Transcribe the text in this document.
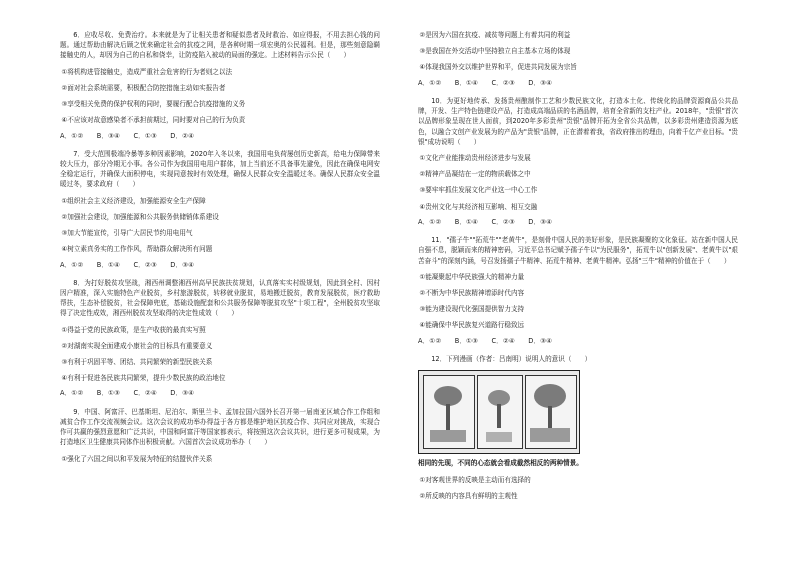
6．应收尽收、免费治疗。本来就是为了让相关患者和疑似患者及时救治、如应得报，不用去担心钱的问题。通过帮助由解决后顾之忧来确定社会的抗疫之网，是各种时期一项宏奥的公民福利。但是，那些刻意隐瞒接触史的人，却因为自己的自私和侥幸，让防疫陷入被动的局面的强定。上述材料告示公民（　　）

①将机构进管接触史，造成严重社会危害的行为者则之以法

②面对社会系统需要，积极配合防控措施主动如实报告者

③享受相关免费的保护权利的同时，要履行配合抗疫措施的义务

④不应该对故意感染者不承担前期过，同时要对自己的行为负责

A．①②　　B．③④　　C．①③　　D．②④

7．受大范围极端冷暴等多种因素影响，2020年入冬以来，我国用电负荷屡创历史新高，给电力保障带来较大压力，部分冷期无小事。各公司作为我国用电用户群体，加上当前还不具备事先避免，因此在确保电网安全稳定运行，并确保大面积停电，实现同意按时有效处理，确保人民群众安全温暖过冬。确保人民群众安全温暖过冬，要求政府（　　）

①组织社会主义经济建设，加强能源安全生产保障

②加强社会建设，加强能源和公共服务供储销体系建设

③加大节能宣传，引导广大居民节约用电用气

④树立素真务实的工作作风，帮助群众解决所有问题

A．①②　　B．①④　　C．②③　　D．③④

8．为打好脱贫攻坚战，湘西州调整湘西州高早民族扶贫规划，认真落实实村级规划，因此到全村、因村因户精准，深入实施特色产业脱贫，乡村旅游脱贫，转移就业脱贫，易地搬迁脱贫，教育发展脱贫，医疗救助帮扶，生态补偿脱贫，社会保障兜底，基础设施配套和公共服务保障等脱贫攻坚"十项工程"，全州脱贫攻坚取得了决定性成效，湘西州脱贫攻坚取得的决定性成效（　　）

①得益于党的民族政策，是生产收获的最真实写照

②对湖南实现全面建成小康社会的目标具有重要意义

③有利于巩固平等、团结、共同繁荣的新型民族关系

④有利于促进各民族共同繁荣，提升少数民族的政治地位

A．①②　　B．①③　　C．②④　　D．③④

9．中国、阿富汗、巴基斯坦、尼泊尔、斯里兰卡、孟加拉国六国外长召开第一届南亚区域合作工作组和减贫合作工作交流视频会议。这次会议的成功举办得益于各方都是维护地区抗疫合作、共同应对挑战，实现合作可共赢的强烈意愿和广泛共识，中国和阿富汗等国家都表示，将按照这次会议共识，进行更多可视成果，为打造地区卫生健康共同体作出积极贡献。六国首次会议成功举办（　　）

①强化了六国之间以和平发展为特征的结盟伙伴关系

②是因为六国在抗疫、减贫等问题上有着共同的利益

③是我国在外交活动中坚持独立自主基本立场的体现

④体现我国外交以维护世界和平，促进共同发展为宗旨

A．①②　　B．①④　　C．②③　　D．③④

10．为更好地传承、发扬贵州酿制作工艺和少数民族文化，打造本土化、传统化的品牌资源商品公共品牌，开发、生产特色链建设产品，打造成高端品质的名酒品牌，培育全省新的支柱产业。2018年，"贵银"首次以品牌形象呈现在世人面前，到2020年多彩贵州"贵银"品牌开拓为全省公共品牌，以多彩贵州建造资源为底色，以融合文创产业发展为的产品为"贵银"品牌，正在潜着着我，省政府推出的理由，向着千亿产业目标。"贵银"成功说明（　　）

①文化产业能推动贵州经济进步与发展

②精神产品凝结在一定的物质载体之中

③要牢牢抓住发展文化产业这一中心工作

④贵州文化与其经济相互影响、相互交融

A．①②　　B．①④　　C．②③　　D．③④

11．"孺子牛""拓荒牛""老黄牛"，是刻骨中国人民的美好形象，是民族凝聚的文化象征。站在新中国人民自强不息，脱颖而来的精神密码，习近平总书记赋予孺子牛以"为民服务"，拓荒牛以"创新发展"、老黄牛以"艰苦奋斗"的深刻内涵，号召发扬孺子牛精神、拓荒牛精神、老黄牛精神。弘扬"三牛"精神的价值在于（　　）

①能凝聚起中华民族强大的精神力量

②不断为中华民族精神增添时代内容

③能为建设现代化强国提供智力支持

④能确保中华民族复兴道路行稳致远

A．①②　　B．①③　　C．②④　　D．③④

12．下列漫画（作者：吕南明）说明人的意识（　　）

相同的先现，不同的心态就会看成截然相反的两种情景。

①对客观世界的反映是主动而有选择的

②所反映的内容具有鲜明的主观性
